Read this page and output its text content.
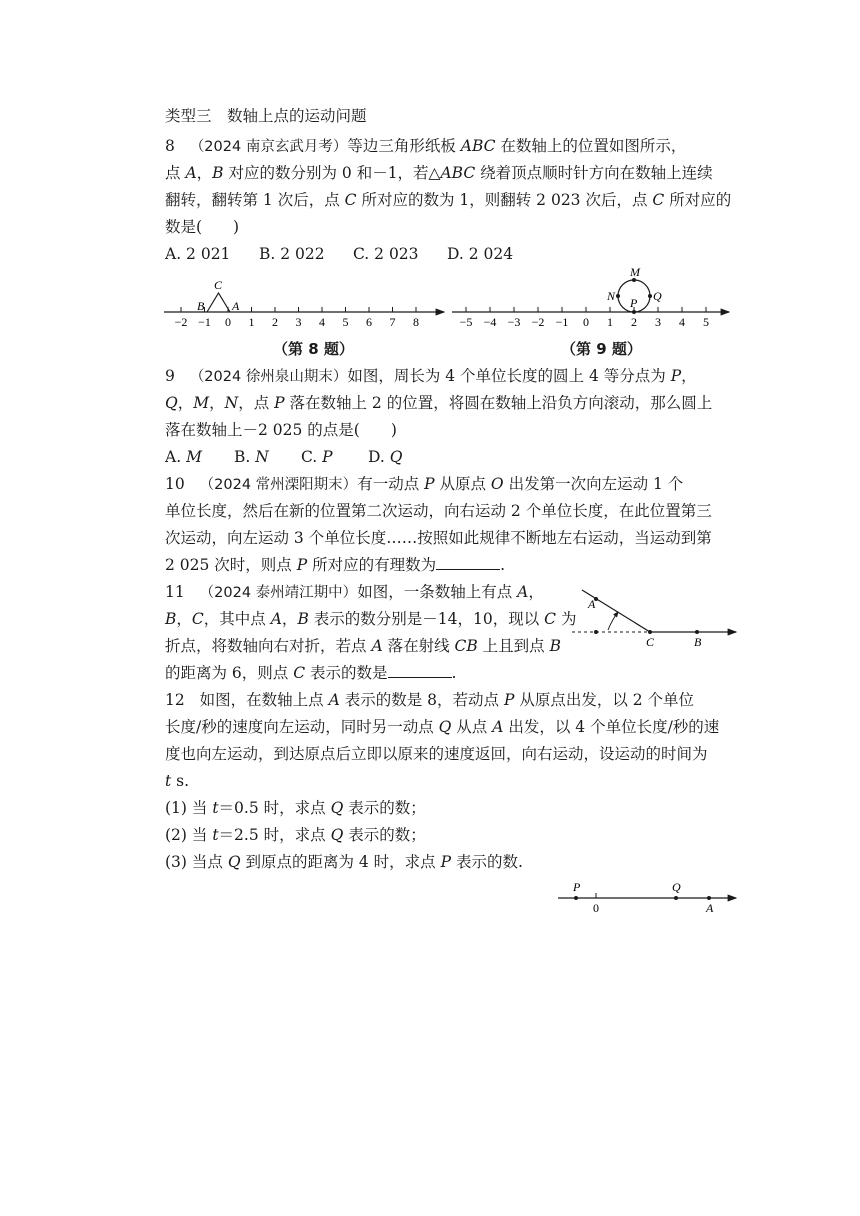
类型三　数轴上点的运动问题
8 （2024 南京玄武月考）等边三角形纸板 ABC 在数轴上的位置如图所示，
点 A，B 对应的数分别为 0 和－1，若△ABC 绕着顶点顺时针方向在数轴上连续
翻转，翻转第 1 次后，点 C 所对应的数为 1，则翻转 2 023 次后，点 C 所对应的
数是(　　)
A. 2 021 B. 2 022 C. 2 023 D. 2 024
−2 −1 0 1 2 3 4 5 6 7 8
C
B A
（第 8 题）
−5 −4 −3 −2 −1 0 1 2 3 4 5
M
N	Q
P
（第 9 题）
9 （2024 徐州泉山期末）如图，周长为 4 个单位长度的圆上 4 等分点为 P，
Q，M，N，点 P 落在数轴上 2 的位置，将圆在数轴上沿负方向滚动，那么圆上
落在数轴上－2 025 的点是(　　)
A. M B. N C. P D. Q
10 （2024 常州溧阳期末）有一动点 P 从原点 O 出发第一次向左运动 1 个
单位长度，然后在新的位置第二次运动，向右运动 2 个单位长度，在此位置第三
次运动，向左运动 3 个单位长度……按照如此规律不断地左右运动，当运动到第
2 025 次时，则点 P 所对应的有理数为	.
11 （2024 泰州靖江期中）如图，一条数轴上有点 A，
B，C，其中点 A，B 表示的数分别是－14，10，现以 C 为
折点，将数轴向右对折，若点 A 落在射线 CB 上且到点 B
的距离为 6，则点 C 表示的数是	.
A
C	B
12 如图，在数轴上点 A 表示的数是 8，若动点 P 从原点出发，以 2 个单位
长度/秒的速度向左运动，同时另一动点 Q 从点 A 出发，以 4 个单位长度/秒的速
度也向左运动，到达原点后立即以原来的速度返回，向右运动，设运动的时间为
t s.
(1) 当 t＝0.5 时，求点 Q 表示的数；
(2) 当 t＝2.5 时，求点 Q 表示的数；
(3) 当点 Q 到原点的距离为 4 时，求点 P 表示的数.
P
0
Q
A
